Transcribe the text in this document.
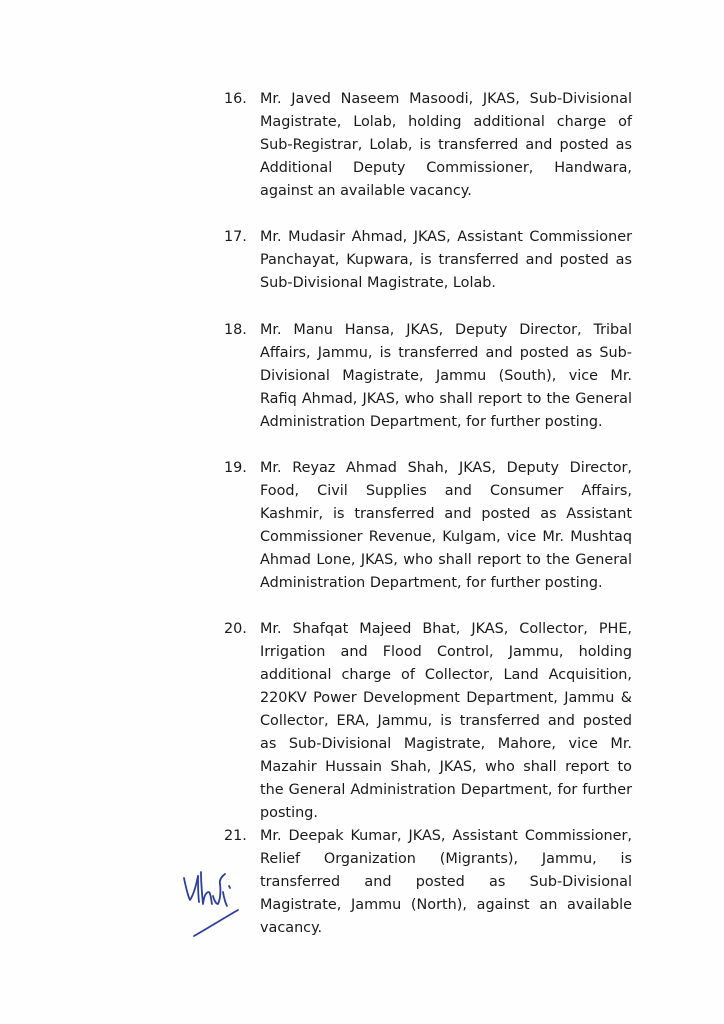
16. Mr. Javed Naseem Masoodi, JKAS, Sub-Divisional Magistrate, Lolab, holding additional charge of Sub-Registrar, Lolab, is transferred and posted as Additional Deputy Commissioner, Handwara, against an available vacancy.
17. Mr. Mudasir Ahmad, JKAS, Assistant Commissioner Panchayat, Kupwara, is transferred and posted as Sub-Divisional Magistrate, Lolab.
18. Mr. Manu Hansa, JKAS, Deputy Director, Tribal Affairs, Jammu, is transferred and posted as Sub-Divisional Magistrate, Jammu (South), vice Mr. Rafiq Ahmad, JKAS, who shall report to the General Administration Department, for further posting.
19. Mr. Reyaz Ahmad Shah, JKAS, Deputy Director, Food, Civil Supplies and Consumer Affairs, Kashmir, is transferred and posted as Assistant Commissioner Revenue, Kulgam, vice Mr. Mushtaq Ahmad Lone, JKAS, who shall report to the General Administration Department, for further posting.
20. Mr. Shafqat Majeed Bhat, JKAS, Collector, PHE, Irrigation and Flood Control, Jammu, holding additional charge of Collector, Land Acquisition, 220KV Power Development Department, Jammu & Collector, ERA, Jammu, is transferred and posted as Sub-Divisional Magistrate, Mahore, vice Mr. Mazahir Hussain Shah, JKAS, who shall report to the General Administration Department, for further posting.
21. Mr. Deepak Kumar, JKAS, Assistant Commissioner, Relief Organization (Migrants), Jammu, is transferred and posted as Sub-Divisional Magistrate, Jammu (North), against an available vacancy.
